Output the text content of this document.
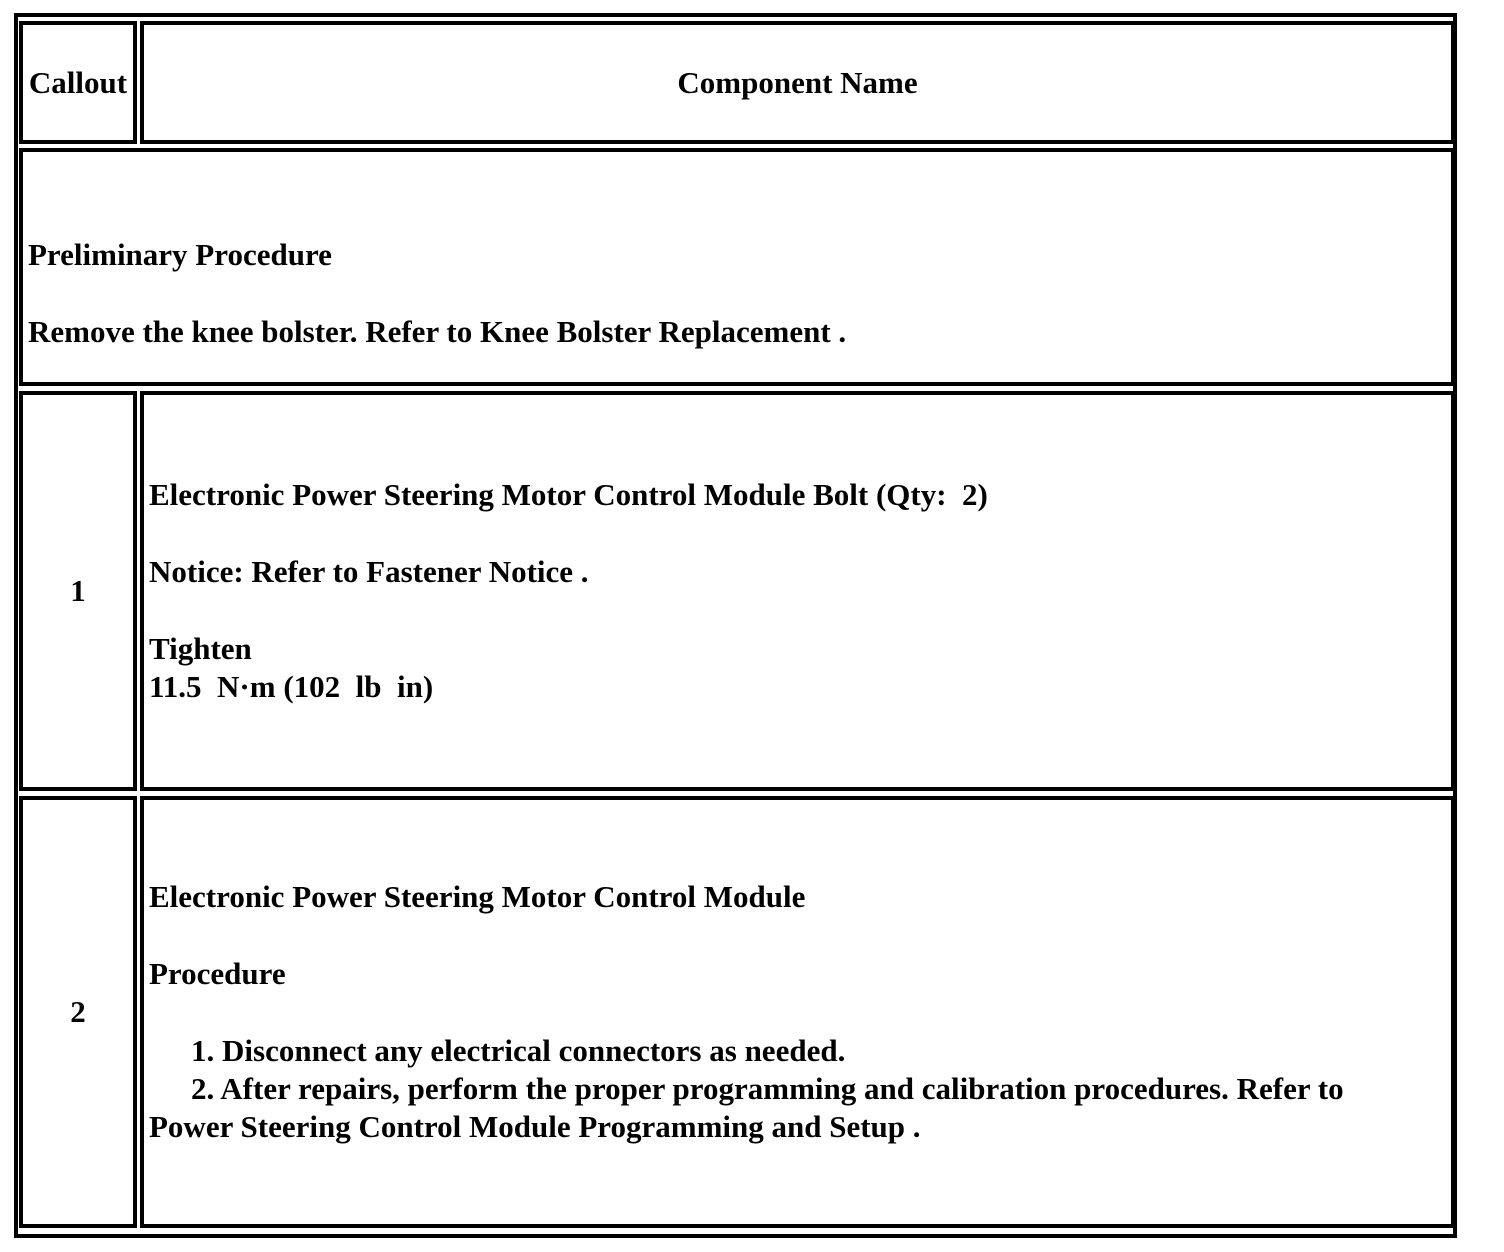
Callout	Component Name

Preliminary Procedure

Remove the knee bolster. Refer to Knee Bolster Replacement .

1

Electronic Power Steering Motor Control Module Bolt (Qty:  2)

Notice: Refer to Fastener Notice .

Tighten

11.5  N·m (102  lb  in)

2

Electronic Power Steering Motor Control Module

Procedure

1. Disconnect any electrical connectors as needed.

2. After repairs, perform the proper programming and calibration procedures. Refer to

Power Steering Control Module Programming and Setup .
